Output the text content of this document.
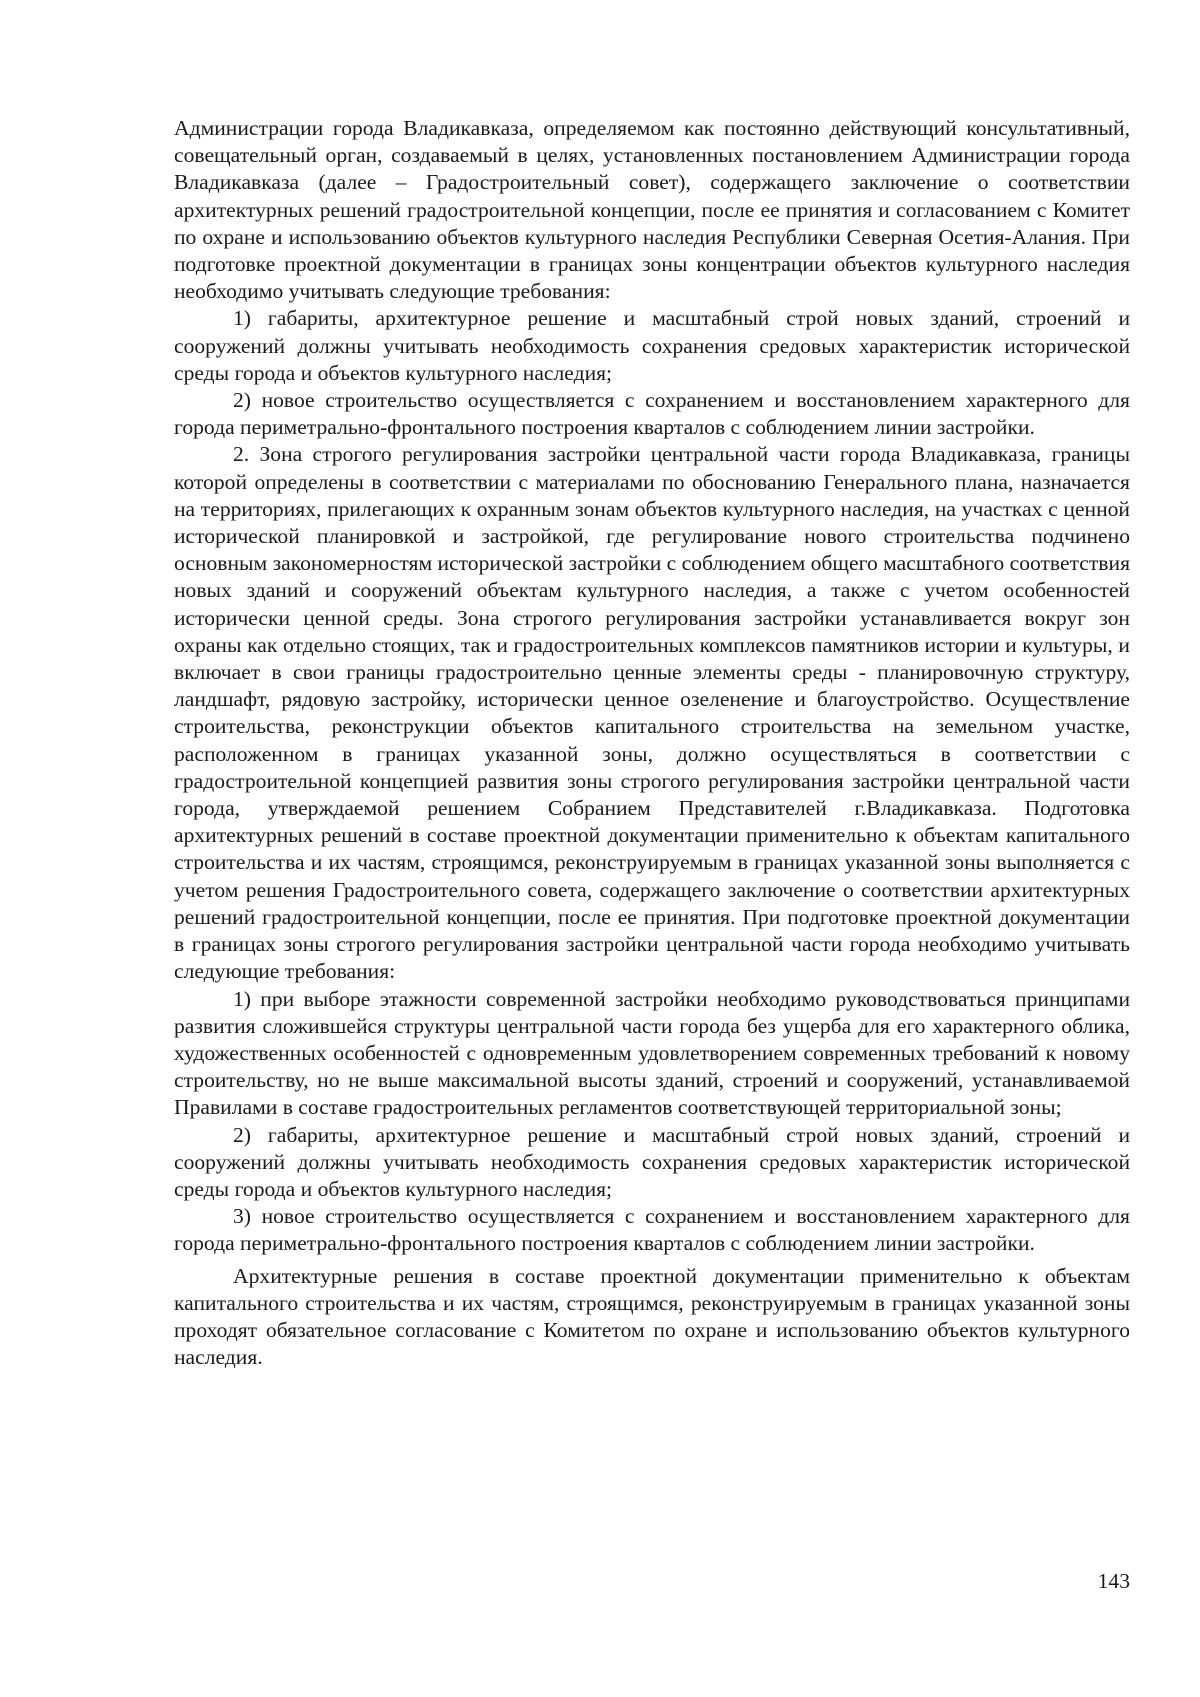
Администрации города Владикавказа, определяемом как постоянно действующий консультативный, совещательный орган, создаваемый в целях, установленных постановлением Администрации города Владикавказа (далее – Градостроительный совет), содержащего заключение о соответствии архитектурных решений градостроительной концепции, после ее принятия и согласованием с Комитет по охране и использованию объектов культурного наследия Республики Северная Осетия-Алания. При подготовке проектной документации в границах зоны концентрации объектов культурного наследия необходимо учитывать следующие требования:

1) габариты, архитектурное решение и масштабный строй новых зданий, строений и сооружений должны учитывать необходимость сохранения средовых характеристик исторической среды города и объектов культурного наследия;

2) новое строительство осуществляется с сохранением и восстановлением характерного для города периметрально-фронтального построения кварталов с соблюдением линии застройки.

2. Зона строгого регулирования застройки центральной части города Владикавказа, границы которой определены в соответствии с материалами по обоснованию Генерального плана, назначается на территориях, прилегающих к охранным зонам объектов культурного наследия, на участках с ценной исторической планировкой и застройкой, где регулирование нового строительства подчинено основным закономерностям исторической застройки с соблюдением общего масштабного соответствия новых зданий и сооружений объектам культурного наследия, а также с учетом особенностей исторически ценной среды. Зона строгого регулирования застройки устанавливается вокруг зон охраны как отдельно стоящих, так и градостроительных комплексов памятников истории и культуры, и включает в свои границы градостроительно ценные элементы среды - планировочную структуру, ландшафт, рядовую застройку, исторически ценное озеленение и благоустройство. Осуществление строительства, реконструкции объектов капитального строительства на земельном участке, расположенном в границах указанной зоны, должно осуществляться в соответствии с градостроительной концепцией развития зоны строгого регулирования застройки центральной части города, утверждаемой решением Собранием Представителей г.Владикавказа. Подготовка архитектурных решений в составе проектной документации применительно к объектам капитального строительства и их частям, строящимся, реконструируемым в границах указанной зоны выполняется с учетом решения Градостроительного совета, содержащего заключение о соответствии архитектурных решений градостроительной концепции, после ее принятия. При подготовке проектной документации в границах зоны строгого регулирования застройки центральной части города необходимо учитывать следующие требования:

1) при выборе этажности современной застройки необходимо руководствоваться принципами развития сложившейся структуры центральной части города без ущерба для его характерного облика, художественных особенностей с одновременным удовлетворением современных требований к новому строительству, но не выше максимальной высоты зданий, строений и сооружений, устанавливаемой Правилами в составе градостроительных регламентов соответствующей территориальной зоны;

2) габариты, архитектурное решение и масштабный строй новых зданий, строений и сооружений должны учитывать необходимость сохранения средовых характеристик исторической среды города и объектов культурного наследия;

3) новое строительство осуществляется с сохранением и восстановлением характерного для города периметрально-фронтального построения кварталов с соблюдением линии застройки.

Архитектурные решения в составе проектной документации применительно к объектам капитального строительства и их частям, строящимся, реконструируемым в границах указанной зоны проходят обязательное согласование с Комитетом по охране и использованию объектов культурного наследия.

143
